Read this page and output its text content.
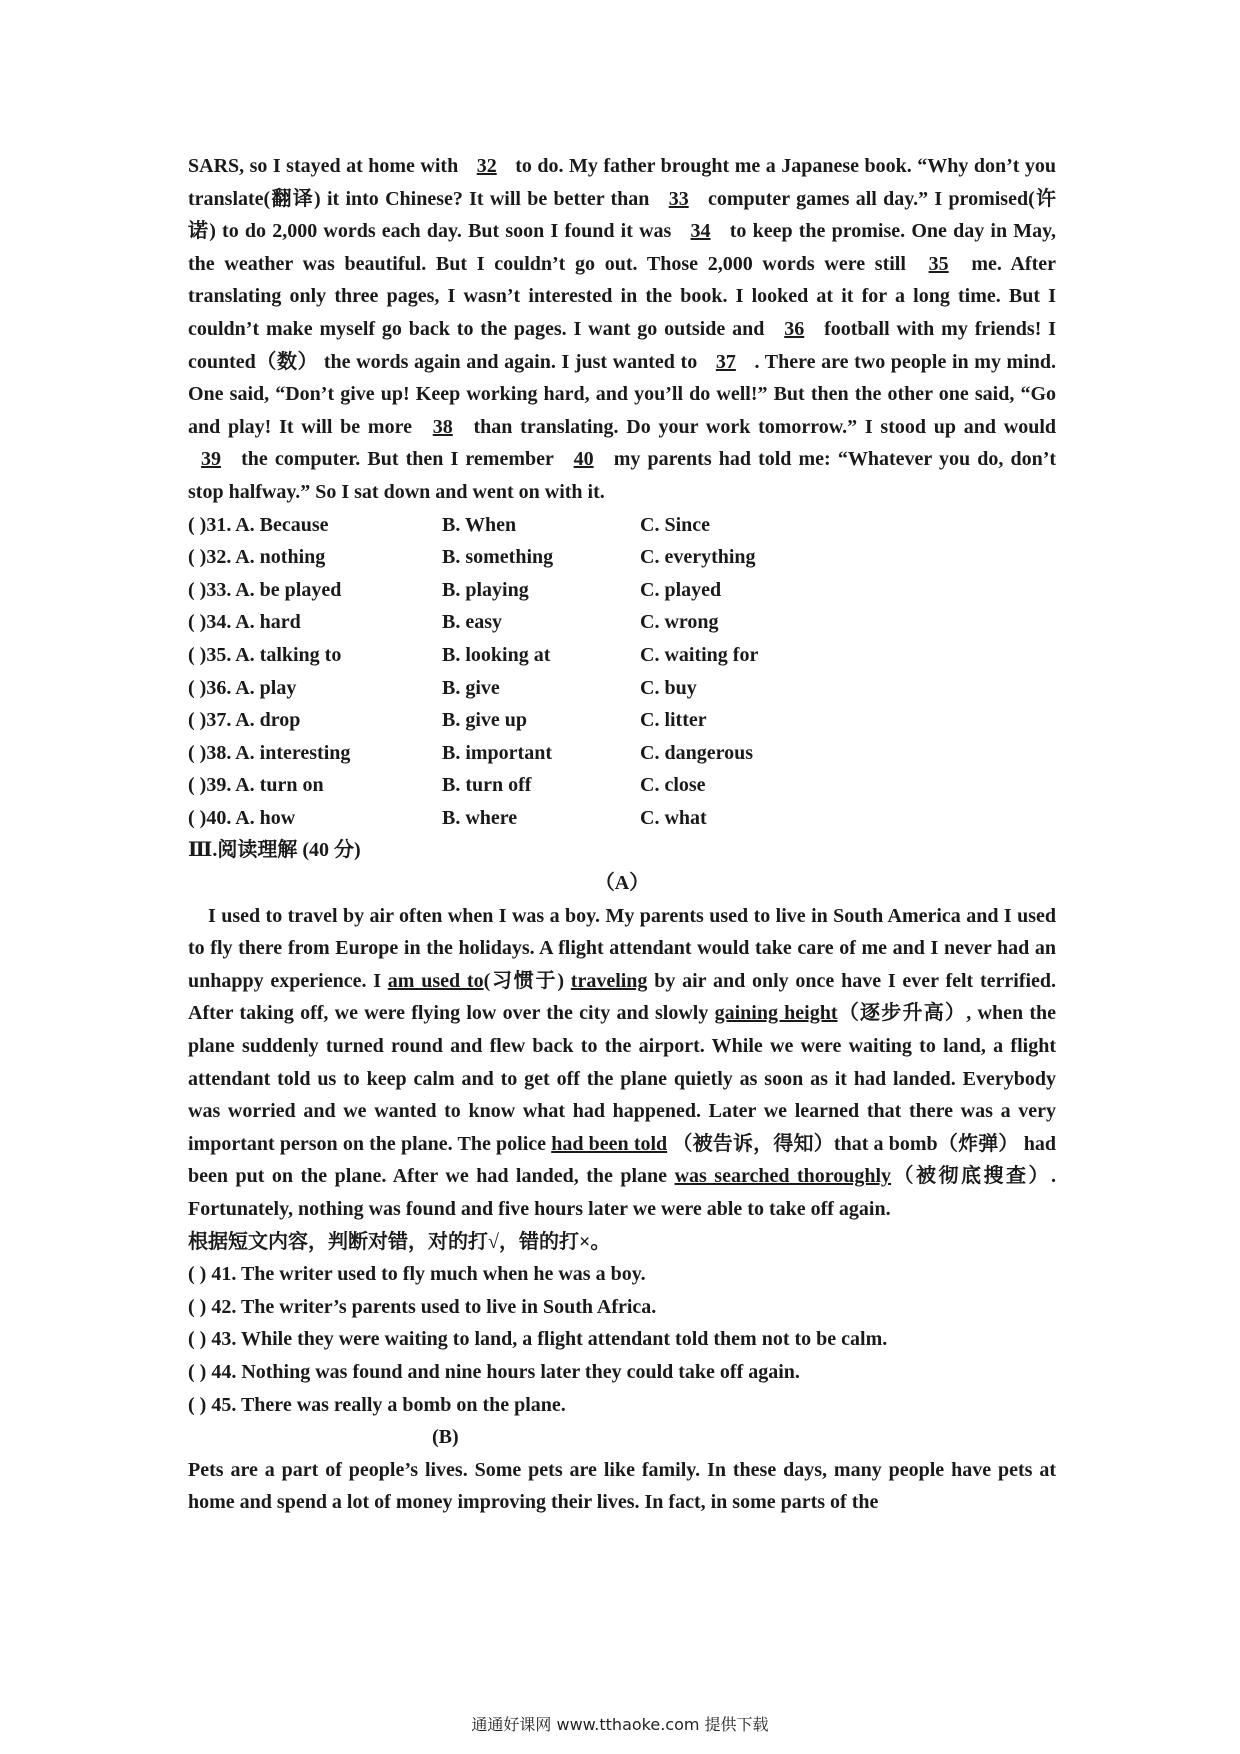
SARS, so I stayed at home with 32 to do. My father brought me a Japanese book. “Why don’t you translate(翻译) it into Chinese? It will be better than 33 computer games all day.” I promised(许诺) to do 2,000 words each day. But soon I found it was 34 to keep the promise. One day in May, the weather was beautiful. But I couldn’t go out. Those 2,000 words were still 35 me. After translating only three pages, I wasn’t interested in the book. I looked at it for a long time. But I couldn’t make myself go back to the pages. I want go outside and 36 football with my friends! I counted（数） the words again and again. I just wanted to 37 . There are two people in my mind. One said, “Don’t give up! Keep working hard, and you’ll do well!” But then the other one said, “Go and play! It will be more 38 than translating. Do your work tomorrow.” I stood up and would 39 the computer. But then I remember 40 my parents had told me: “Whatever you do, don’t stop halfway.” So I sat down and went on with it.

( )31. A. Because	B. When	C. Since
( )32. A. nothing	B. something	C. everything
( )33. A. be played	B. playing	C. played
( )34. A. hard	B. easy	C. wrong
( )35. A. talking to	B. looking at	C. waiting for
( )36. A. play	B. give	C. buy
( )37. A. drop	B. give up	C. litter
( )38. A. interesting	B. important	C. dangerous
( )39. A. turn on	B. turn off	C. close
( )40. A. how	B. where	C. what
Ⅲ.阅读理解 (40 分)
（A）

I used to travel by air often when I was a boy. My parents used to live in South America and I used to fly there from Europe in the holidays. A flight attendant would take care of me and I never had an unhappy experience. I am used to(习惯于) traveling by air and only once have I ever felt terrified. After taking off, we were flying low over the city and slowly gaining height（逐步升高）, when the plane suddenly turned round and flew back to the airport. While we were waiting to land, a flight attendant told us to keep calm and to get off the plane quietly as soon as it had landed. Everybody was worried and we wanted to know what had happened. Later we learned that there was a very important person on the plane. The police had been told （被告诉，得知）that a bomb（炸弹） had been put on the plane. After we had landed, the plane was searched thoroughly（被彻底搜查）. Fortunately, nothing was found and five hours later we were able to take off again.

根据短文内容，判断对错，对的打√，错的打×。
( ) 41. The writer used to fly much when he was a boy.
( ) 42. The writer’s parents used to live in South Africa.
( ) 43. While they were waiting to land, a flight attendant told them not to be calm.
( ) 44. Nothing was found and nine hours later they could take off again.
( ) 45. There was really a bomb on the plane.
(B)

Pets are a part of people’s lives. Some pets are like family. In these days, many people have pets at home and spend a lot of money improving their lives. In fact, in some parts of the

通通好课网 www.tthaoke.com 提供下载
